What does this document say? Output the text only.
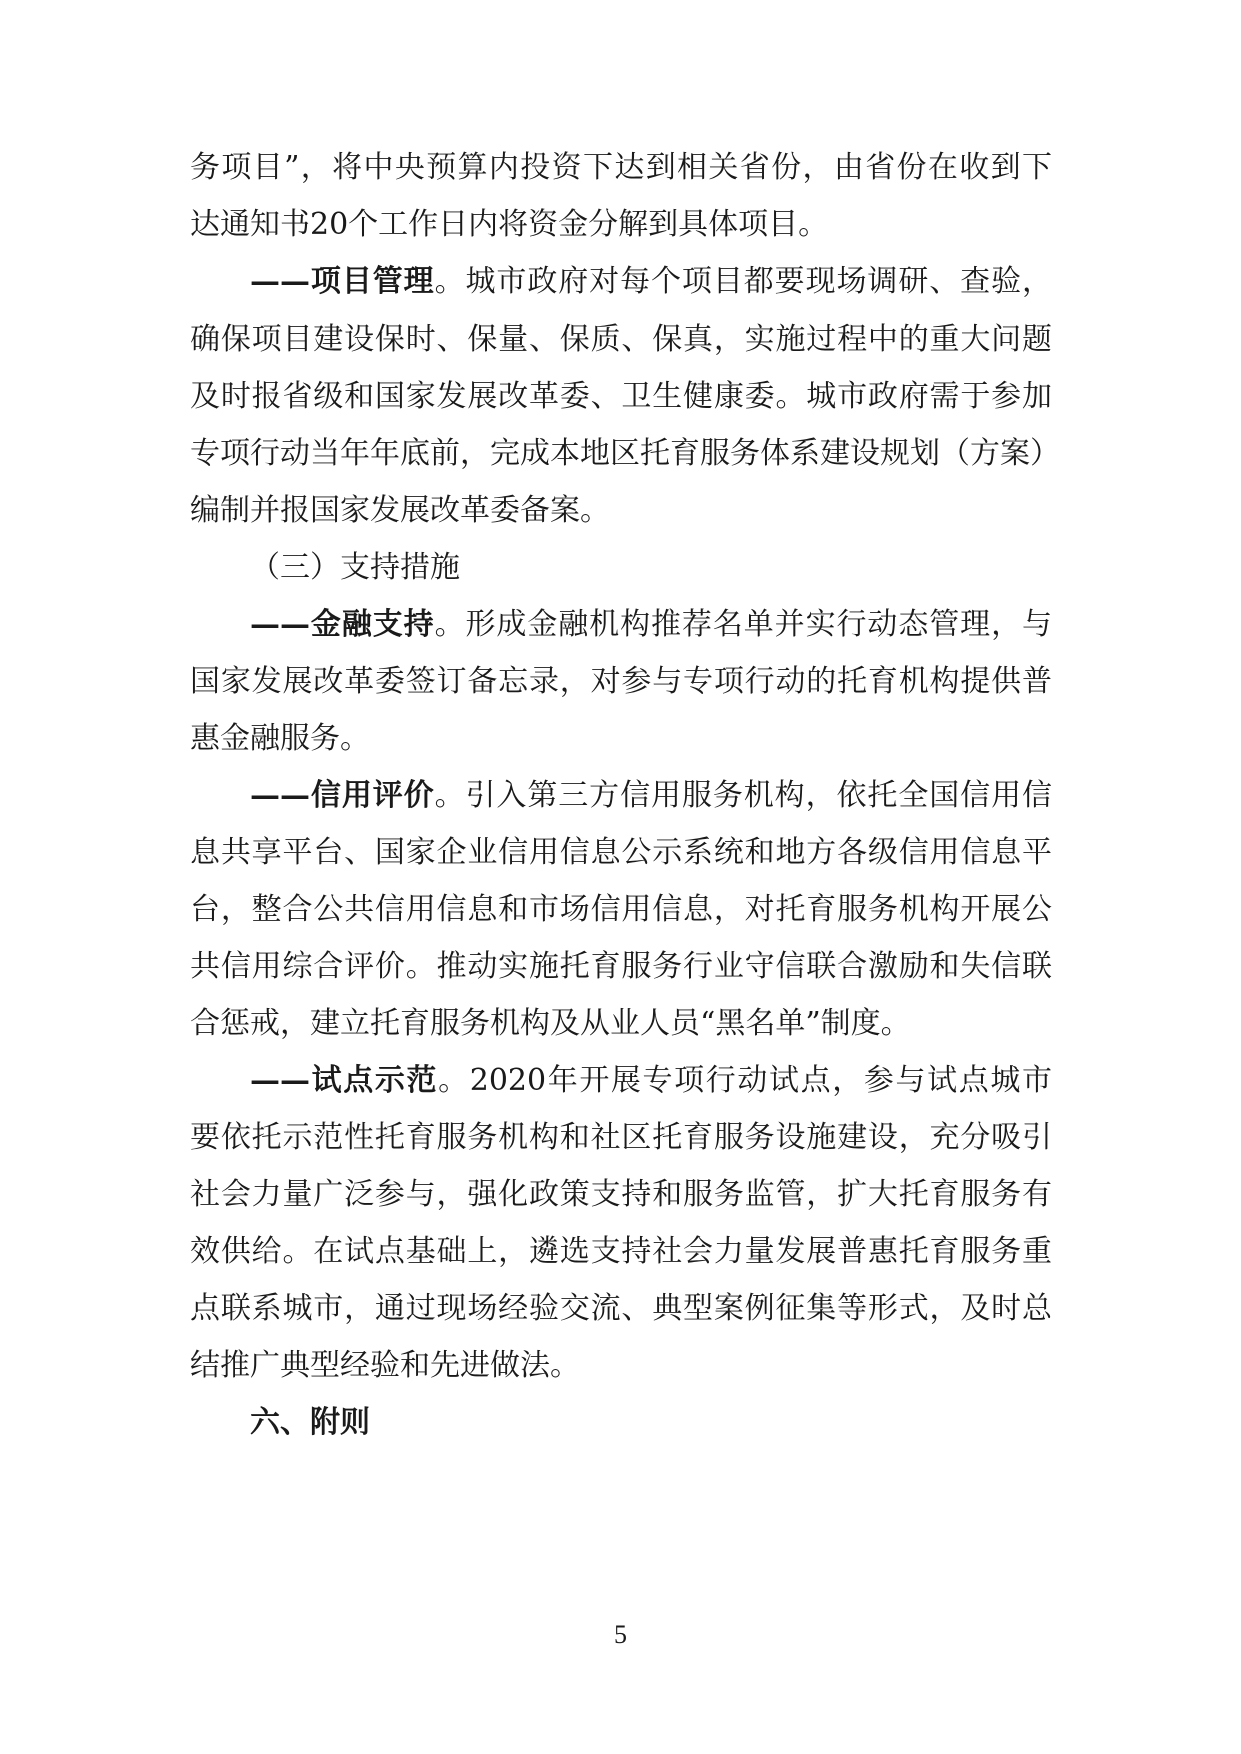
务项目”，将中央预算内投资下达到相关省份，由省份在收到下
达通知书20个工作日内将资金分解到具体项目。
——项目管理。城市政府对每个项目都要现场调研、查验，
确保项目建设保时、保量、保质、保真，实施过程中的重大问题
及时报省级和国家发展改革委、卫生健康委。城市政府需于参加
专项行动当年年底前，完成本地区托育服务体系建设规划（方案）
编制并报国家发展改革委备案。
（三）支持措施
——金融支持。形成金融机构推荐名单并实行动态管理，与
国家发展改革委签订备忘录，对参与专项行动的托育机构提供普
惠金融服务。
——信用评价。引入第三方信用服务机构，依托全国信用信
息共享平台、国家企业信用信息公示系统和地方各级信用信息平
台，整合公共信用信息和市场信用信息，对托育服务机构开展公
共信用综合评价。推动实施托育服务行业守信联合激励和失信联
合惩戒，建立托育服务机构及从业人员“黑名单”制度。
——试点示范。2020年开展专项行动试点，参与试点城市
要依托示范性托育服务机构和社区托育服务设施建设，充分吸引
社会力量广泛参与，强化政策支持和服务监管，扩大托育服务有
效供给。在试点基础上，遴选支持社会力量发展普惠托育服务重
点联系城市，通过现场经验交流、典型案例征集等形式，及时总
结推广典型经验和先进做法。
六、附则
5
